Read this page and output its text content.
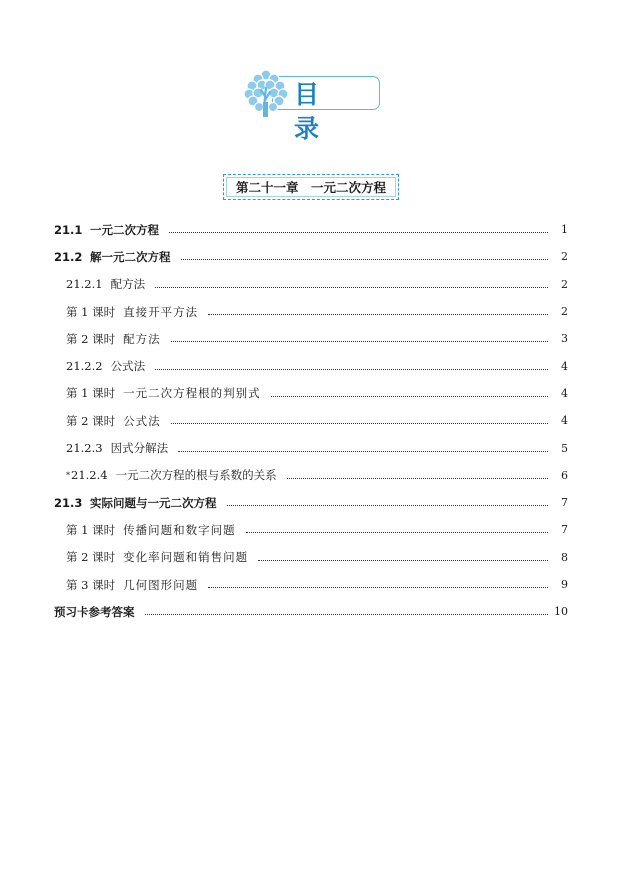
目录
第二十一章　一元二次方程
21.1 一元二次方程	1
21.2 解一元二次方程	2
21.2.1 配方法	2
第 1 课时 直接开平方法	2
第 2 课时 配方法	3
21.2.2 公式法	4
第 1 课时 一元二次方程根的判别式	4
第 2 课时 公式法	4
21.2.3 因式分解法	5
* 21.2.4 一元二次方程的根与系数的关系	6
21.3 实际问题与一元二次方程	7
第 1 课时 传播问题和数字问题	7
第 2 课时 变化率问题和销售问题	8
第 3 课时 几何图形问题	9
预习卡参考答案	10
